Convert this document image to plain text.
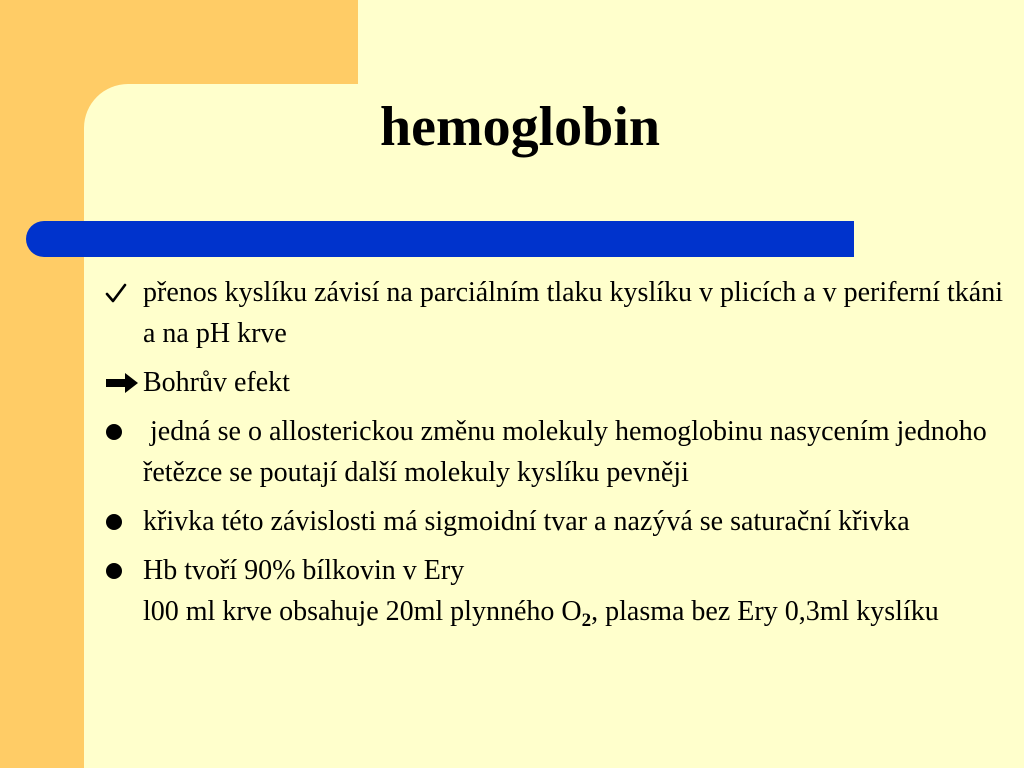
hemoglobin
přenos kyslíku závisí na parciálním tlaku kyslíku v plicích a v periferní tkáni a na pH krve
Bohrův efekt
jedná se o allosterickou změnu molekuly hemoglobinu nasycením jednoho řetězce se poutají další molekuly kyslíku pevněji
křivka této závislosti má sigmoidní tvar a nazývá se saturační křivka
Hb tvoří 90% bílkovin v Ery
l00 ml krve obsahuje 20ml plynného $O_2$, plasma bez Ery 0,3ml kyslíku
